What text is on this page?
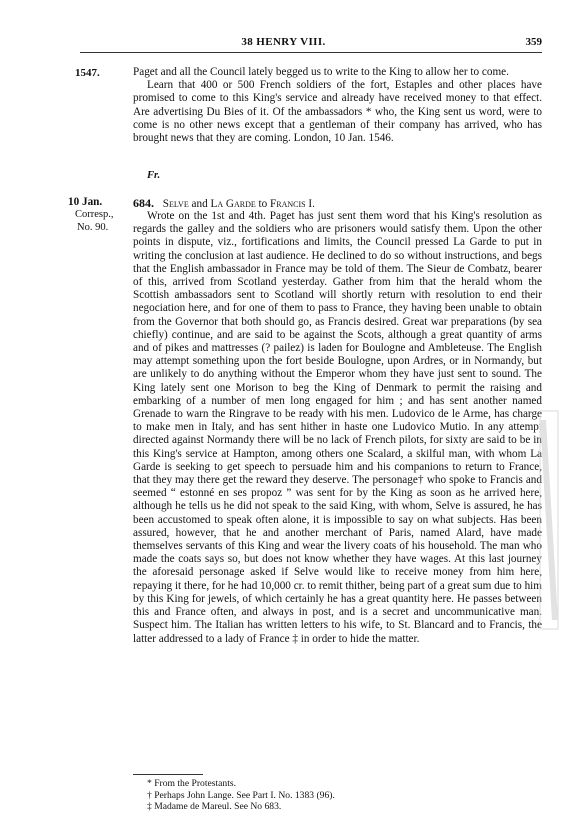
38 HENRY VIII.	359
1547.	Paget and all the Council lately begged us to write to the King to allow her to come.

Learn that 400 or 500 French soldiers of the fort, Estaples and other places have promised to come to this King's service and already have received money to that effect. Are advertising Du Bies of it. Of the ambassadors * who, the King sent us word, were to come is no other news except that a gentleman of their company has arrived, who has brought news that they are coming. London, 10 Jan. 1546.

Fr.
10 Jan.
Corresp.,
No. 90.
684. Selve and La Garde to Francis I.

Wrote on the 1st and 4th. Paget has just sent them word that his King's resolution as regards the galley and the soldiers who are prisoners would satisfy them. Upon the other points in dispute, viz., fortifications and limits, the Council pressed La Garde to put in writing the conclusion at last audience. He declined to do so without instructions, and begs that the English ambassador in France may be told of them. The Sieur de Combatz, bearer of this, arrived from Scotland yesterday. Gather from him that the herald whom the Scottish ambassadors sent to Scotland will shortly return with resolution to end their negociation here, and for one of them to pass to France, they having been unable to obtain from the Governor that both should go, as Francis desired. Great war preparations (by sea chiefly) continue, and are said to be against the Scots, although a great quantity of arms and of pikes and mattresses (? pailez) is laden for Boulogne and Ambleteuse. The English may attempt something upon the fort beside Boulogne, upon Ardres, or in Normandy, but are unlikely to do anything without the Emperor whom they have just sent to sound. The King lately sent one Morison to beg the King of Denmark to permit the raising and embarking of a number of men long engaged for him ; and has sent another named Grenade to warn the Ringrave to be ready with his men. Ludovico de le Arme, has charge to make men in Italy, and has sent hither in haste one Ludovico Mutio. In any attempt directed against Normandy there will be no lack of French pilots, for sixty are said to be in this King's service at Hampton, among others one Scalard, a skilful man, with whom La Garde is seeking to get speech to persuade him and his companions to return to France, that they may there get the reward they deserve. The personage† who spoke to Francis and seemed “ estonné en ses propoz ” was sent for by the King as soon as he arrived here, although he tells us he did not speak to the said King, with whom, Selve is assured, he has been accustomed to speak often alone, it is impossible to say on what subjects. Has been assured, however, that he and another merchant of Paris, named Alard, have made themselves servants of this King and wear the livery coats of his household. The man who made the coats says so, but does not know whether they have wages. At this last journey the aforesaid personage asked if Selve would like to receive money from him here, repaying it there, for he had 10,000 cr. to remit thither, being part of a great sum due to him by this King for jewels, of which certainly he has a great quantity here. He passes between this and France often, and always in post, and is a secret and uncommunicative man. Suspect him. The Italian has written letters to his wife, to St. Blancard and to Francis, the latter addressed to a lady of France ‡ in order to hide the matter.

* From the Protestants.
† Perhaps John Lange. See Part I. No. 1383 (96).
‡ Madame de Mareul. See No 683.
